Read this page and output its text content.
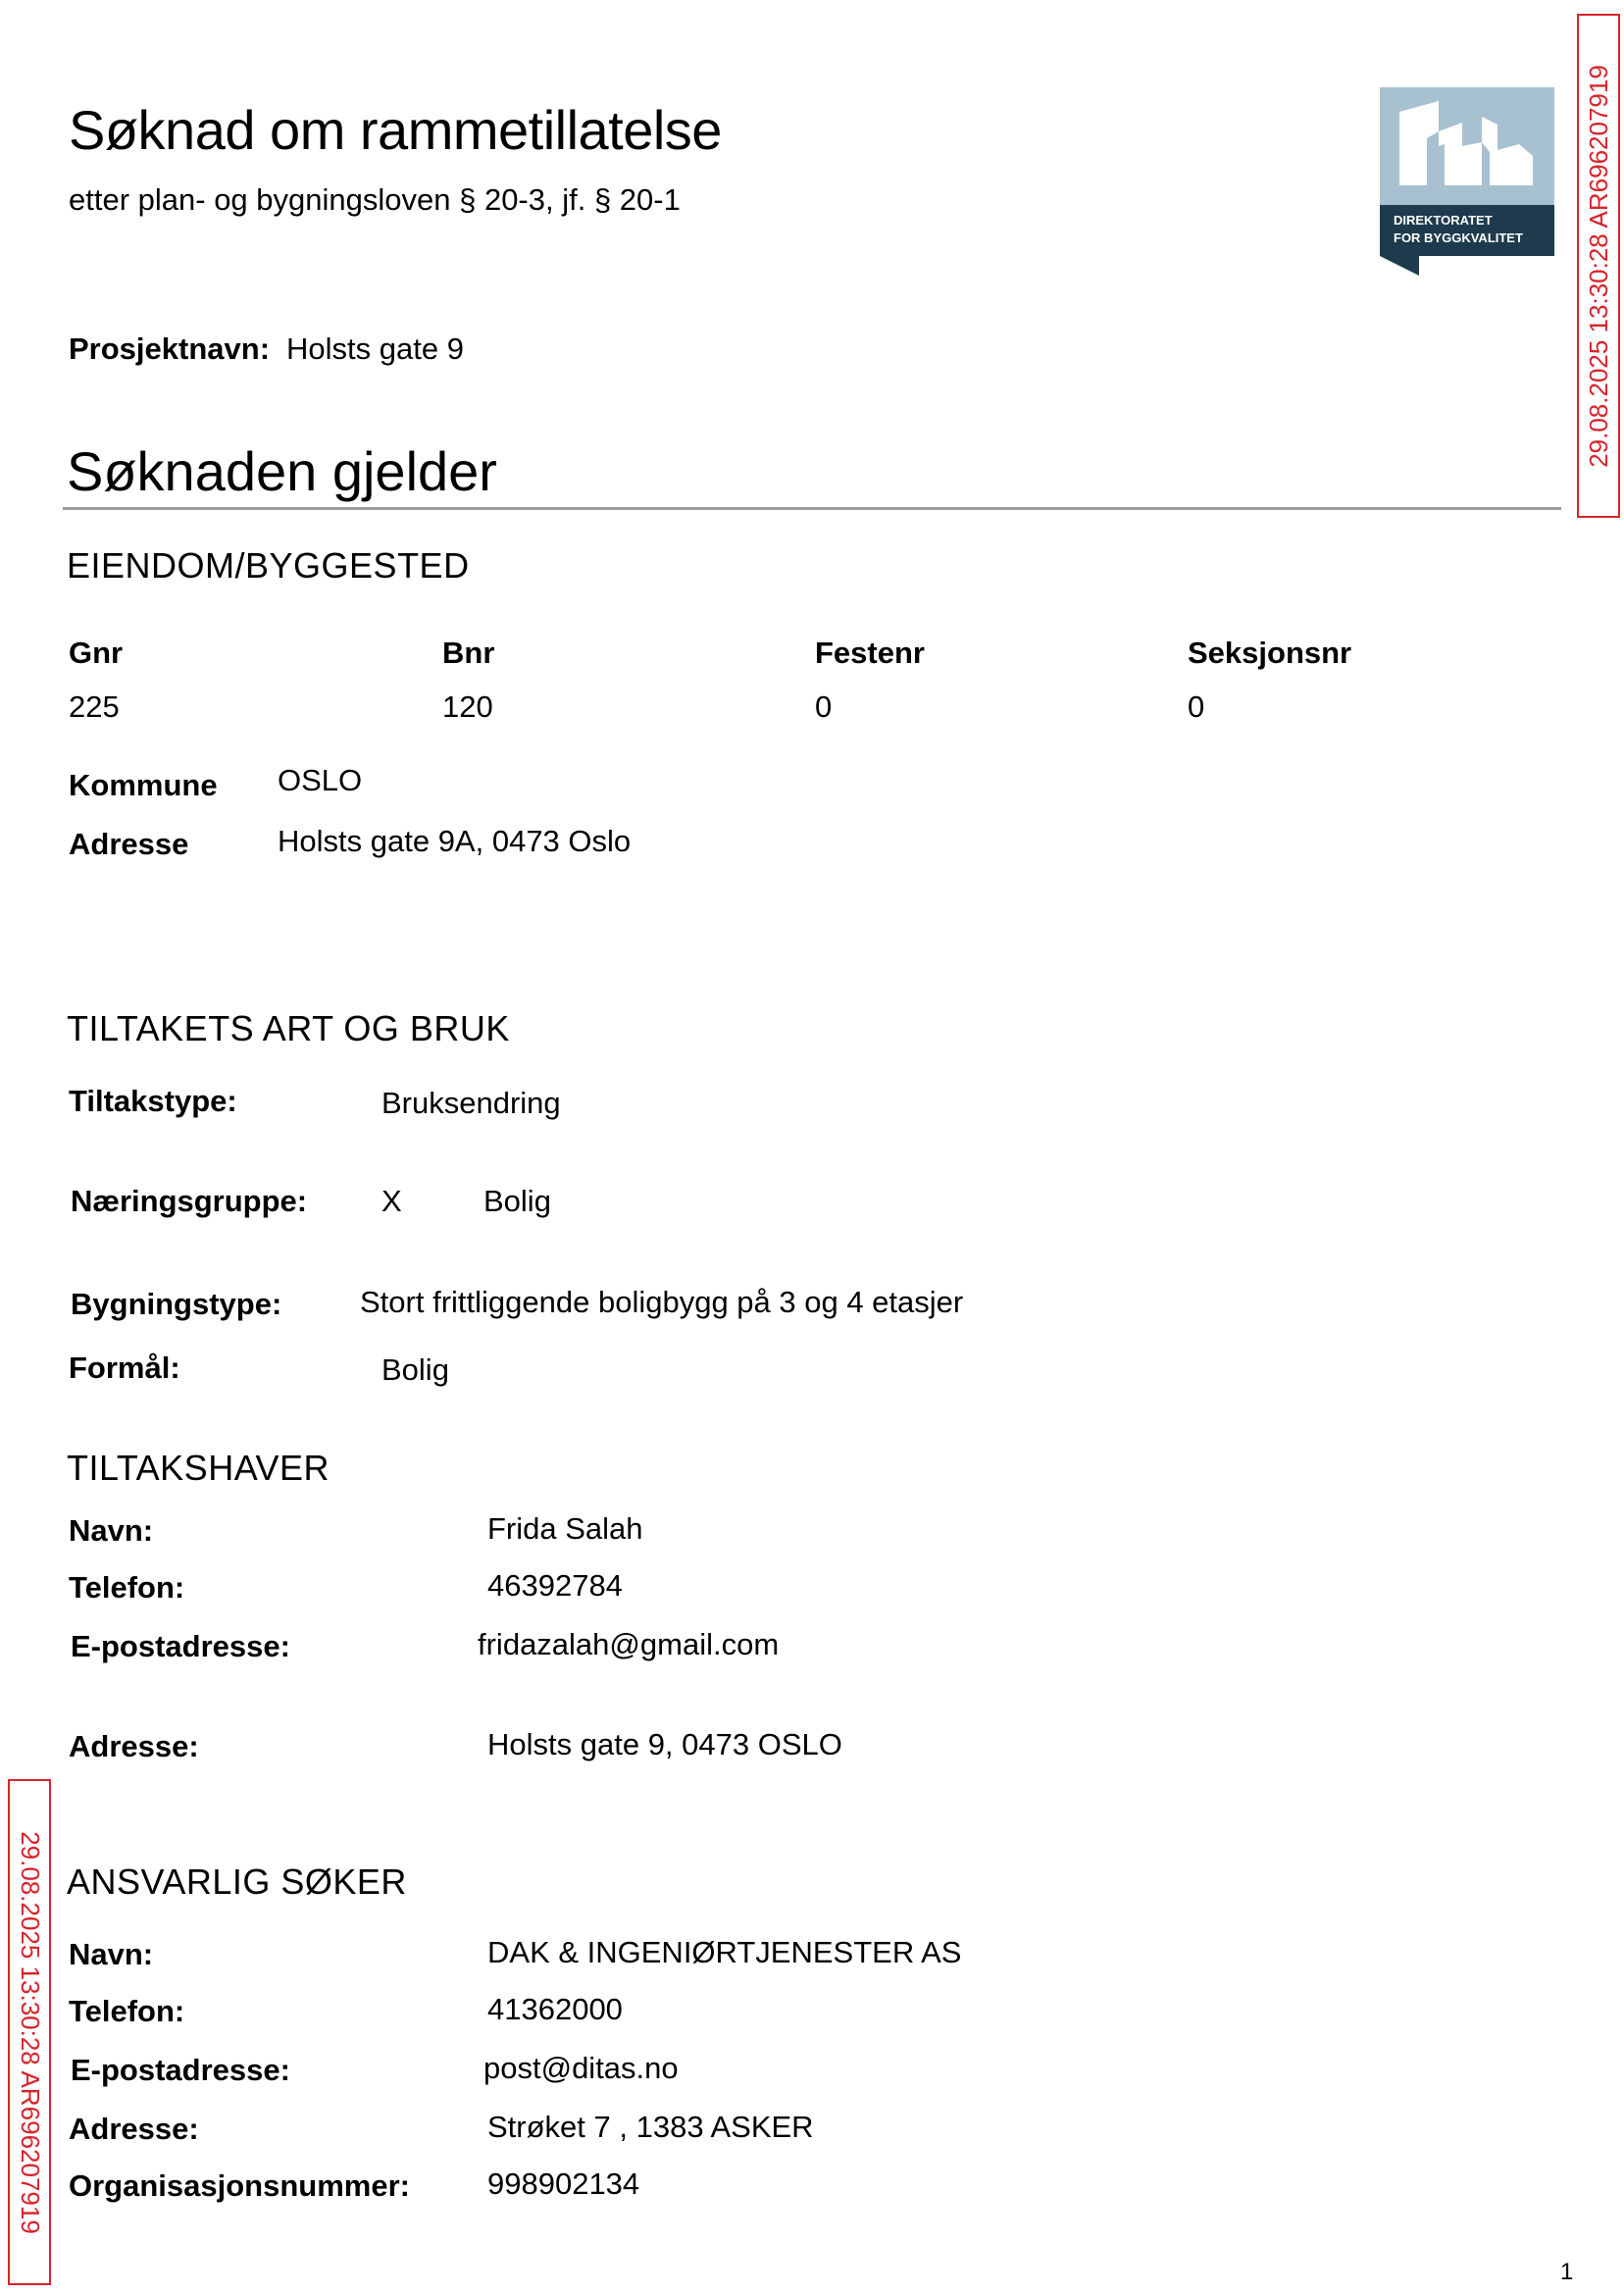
Søknad om rammetillatelse
etter plan- og bygningsloven § 20-3, jf. § 20-1
DIREKTORATET
FOR BYGGKVALITET 29.08.2025 13:30:28 AR696207919
29.08.2025 13:30:28 AR696207919
Prosjektnavn: Holsts gate 9
Søknaden gjelder
EIENDOM/BYGGESTED
Gnr	Bnr	Festenr	Seksjonsnr
225	120	0	0
Kommune OSLO
Adresse	Holsts gate 9A, 0473 Oslo
TILTAKETS ART OG BRUK
Tiltakstype:	Bruksendring
Næringsgruppe: X	Bolig
Bygningstype:	Stort frittliggende boligbygg på 3 og 4 etasjer
Formål:	Bolig
TILTAKSHAVER
Navn:	Frida Salah
Telefon:	46392784
E-postadresse:	fridazalah@gmail.com
Adresse:	Holsts gate 9, 0473 OSLO
ANSVARLIG SØKER
Navn:	DAK & INGENIØRTJENESTER AS
Telefon:	41362000
E-postadresse:	post@ditas.no
Adresse:	Strøket 7 , 1383 ASKER
Organisasjonsnummer:	998902134
1
